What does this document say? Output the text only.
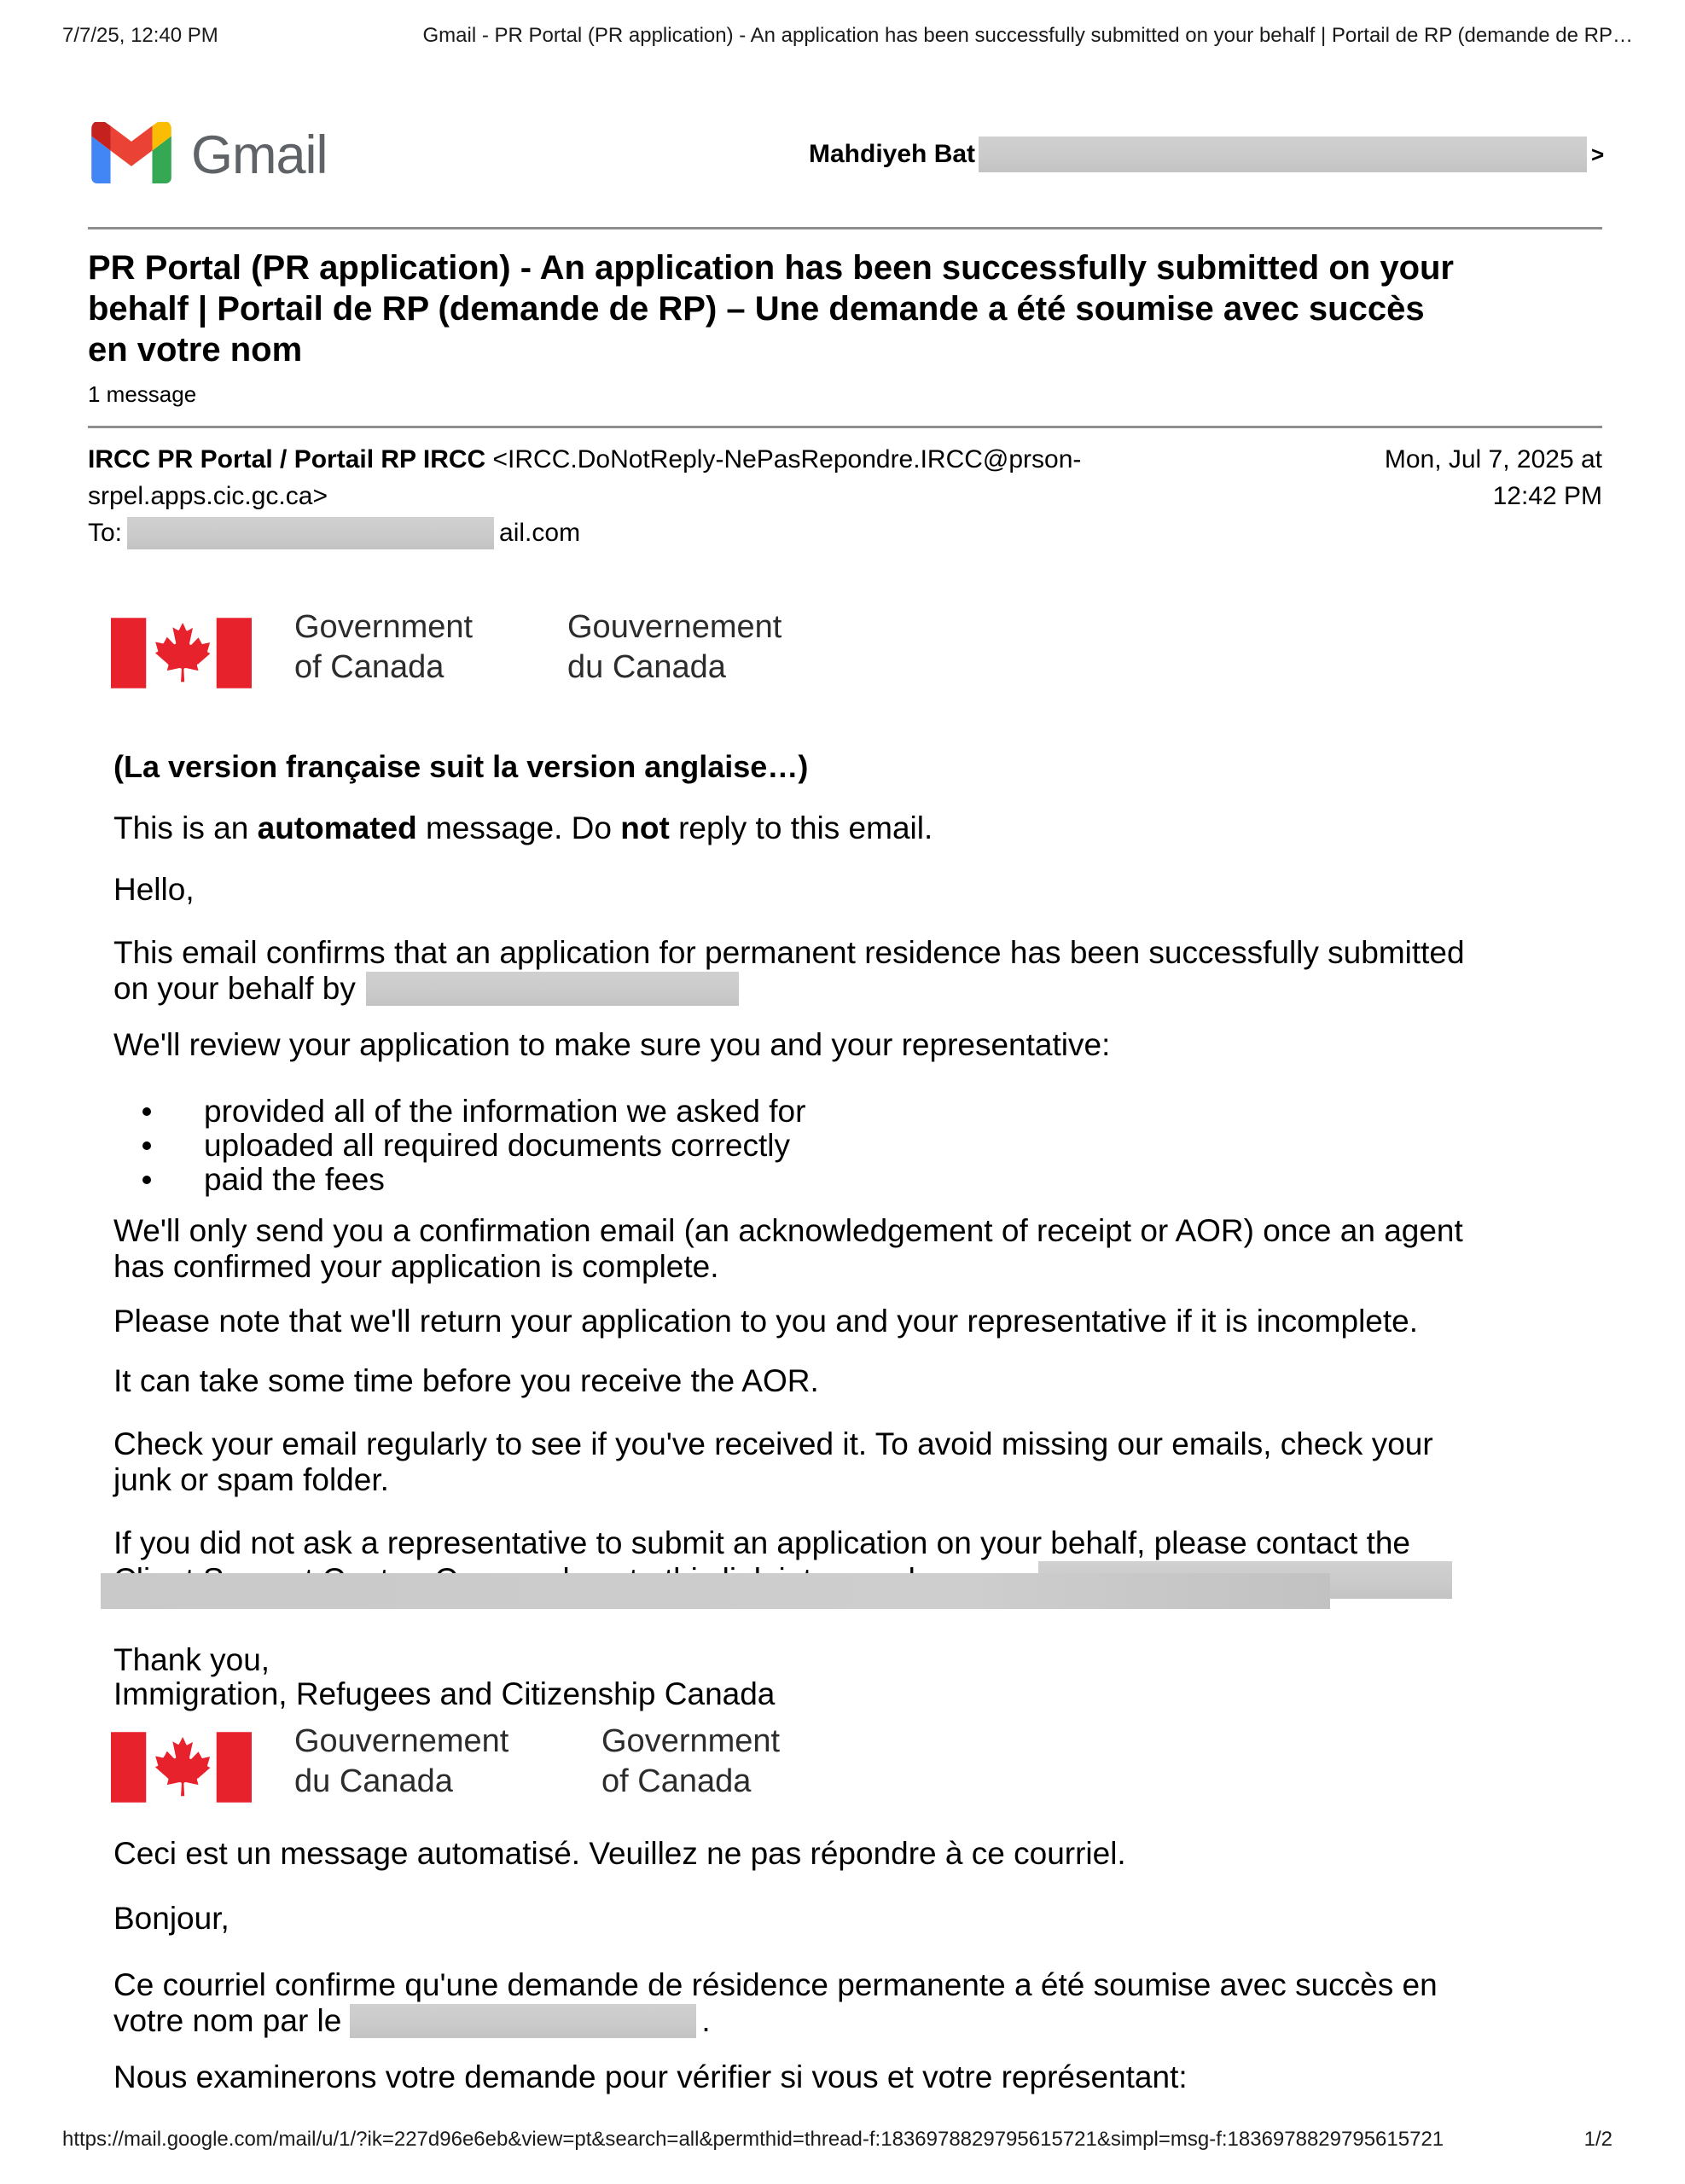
7/7/25, 12:40 PM	Gmail - PR Portal (PR application) - An application has been successfully submitted on your behalf | Portail de RP (demande de RP…
Gmail	Mahdiyeh Bat	>
PR Portal (PR application) - An application has been successfully submitted on your
behalf | Portail de RP (demande de RP) – Une demande a été soumise avec succès
en votre nom
1 message
IRCC PR Portal / Portail RP IRCC <IRCC.DoNotReply-NePasRepondre.IRCC@prson-
srpel.apps.cic.gc.ca>
To:	ail.com
Mon, Jul 7, 2025 at
12:42 PM
Government
of Canada
Gouvernement
du Canada
(La version française suit la version anglaise…)
This is an automated message. Do not reply to this email.
Hello,
This email confirms that an application for permanent residence has been successfully submitted
on your behalf by
We'll review your application to make sure you and your representative:
provided all of the information we asked for
uploaded all required documents correctly
paid the fees
We'll only send you a confirmation email (an acknowledgement of receipt or AOR) once an agent
has confirmed your application is complete.
Please note that we'll return your application to you and your representative if it is incomplete.
It can take some time before you receive the AOR.
Check your email regularly to see if you've received it. To avoid missing our emails, check your
junk or spam folder.
If you did not ask a representative to submit an application on your behalf, please contact the
Thank you,
Immigration, Refugees and Citizenship Canada
Gouvernement
du Canada
Government
of Canada
Ceci est un message automatisé. Veuillez ne pas répondre à ce courriel.
Bonjour,
Ce courriel confirme qu'une demande de résidence permanente a été soumise avec succès en
votre nom par le	.
Nous examinerons votre demande pour vérifier si vous et votre représentant:
https://mail.google.com/mail/u/1/?ik=227d96e6eb&view=pt&search=all&permthid=thread-f:1836978829795615721&simpl=msg-f:1836978829795615721	1/2
